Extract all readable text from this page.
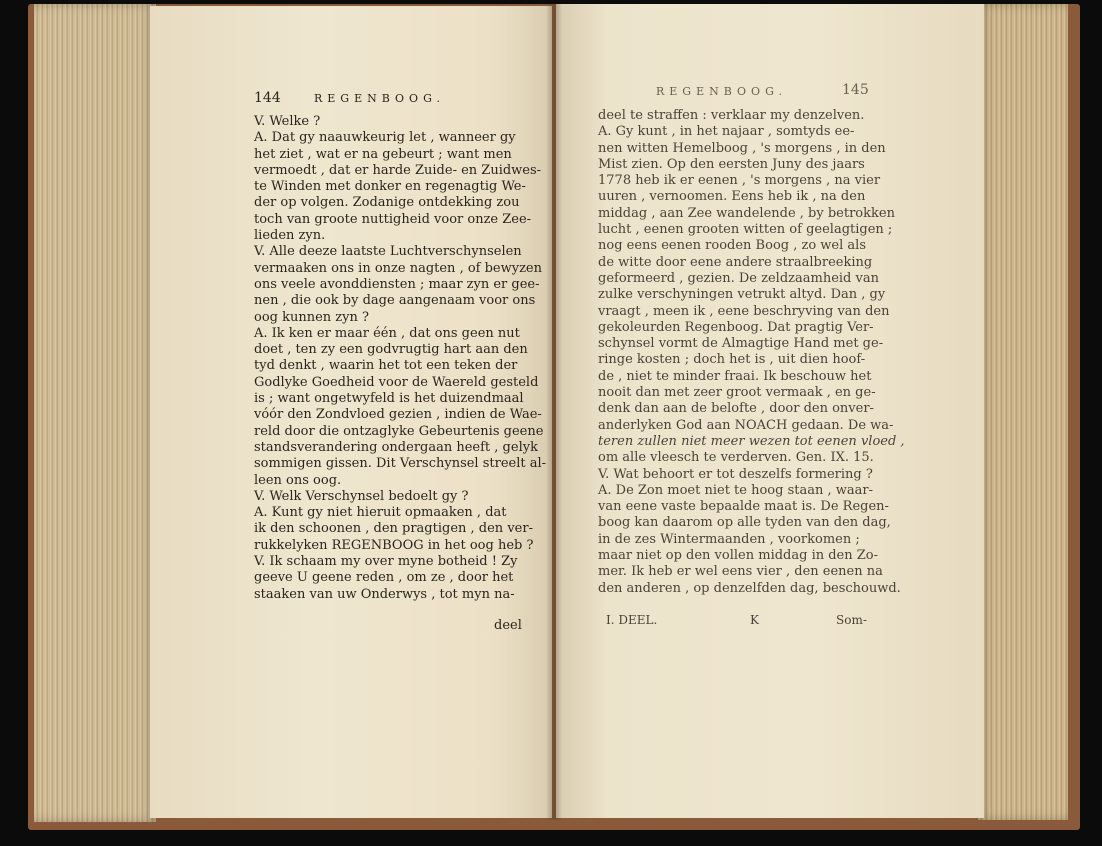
144	REGENBOOG.
REGENBOOG.	145
V. Welke ?
A. Dat gy naauwkeurig let , wanneer gy
het ziet , wat er na gebeurt ; want men
vermoedt , dat er harde Zuide- en Zuidwes-
te Winden met donker en regenagtig We-
der op volgen. Zodanige ontdekking zou
toch van groote nuttigheid voor onze Zee-
lieden zyn.
V. Alle deeze laatste Luchtverschynselen
vermaaken ons in onze nagten , of bewyzen
ons veele avonddiensten ; maar zyn er gee-
nen , die ook by dage aangenaam voor ons
oog kunnen zyn ?
A. Ik ken er maar één , dat ons geen nut
doet , ten zy een godvrugtig hart aan den
tyd denkt , waarin het tot een teken der
Godlyke Goedheid voor de Waereld gesteld
is ; want ongetwyfeld is het duizendmaal
vóór den Zondvloed gezien , indien de Wae-
reld door die ontzaglyke Gebeurtenis geene
standsverandering ondergaan heeft , gelyk
sommigen gissen. Dit Verschynsel streelt al-
leen ons oog.
V. Welk Verschynsel bedoelt gy ?
A. Kunt gy niet hieruit opmaaken , dat
ik den schoonen , den pragtigen , den ver-
rukkelyken REGENBOOG in het oog heb ?
V. Ik schaam my over myne botheid ! Zy
geeve U geene reden , om ze , door het
staaken van uw Onderwys , tot myn na-
deel
deel te straffen : verklaar my denzelven.
A. Gy kunt , in het najaar , somtyds ee-
nen witten Hemelboog , 's morgens , in den
Mist zien. Op den eersten Juny des jaars
1778 heb ik er eenen , 's morgens , na vier
uuren , vernoomen. Eens heb ik , na den
middag , aan Zee wandelende , by betrokken
lucht , eenen grooten witten of geelagtigen ;
nog eens eenen rooden Boog , zo wel als
de witte door eene andere straalbreeking
geformeerd , gezien. De zeldzaamheid van
zulke verschyningen vetrukt altyd. Dan , gy
vraagt , meen ik , eene beschryving van den
gekoleurden Regenboog. Dat pragtig Ver-
schynsel vormt de Almagtige Hand met ge-
ringe kosten ; doch het is , uit dien hoof-
de , niet te minder fraai. Ik beschouw het
nooit dan met zeer groot vermaak , en ge-
denk dan aan de belofte , door den onver-
anderlyken God aan NOACH gedaan. De wa-
teren zullen niet meer wezen tot eenen vloed ,
om alle vleesch te verderven. Gen. IX. 15.
V. Wat behoort er tot deszelfs formering ?
A. De Zon moet niet te hoog staan , waar-
van eene vaste bepaalde maat is. De Regen-
boog kan daarom op alle tyden van den dag,
in de zes Wintermaanden , voorkomen ;
maar niet op den vollen middag in den Zo-
mer. Ik heb er wel eens vier , den eenen na
den anderen , op denzelfden dag, beschouwd.
I. DEEL.	K	Som-
